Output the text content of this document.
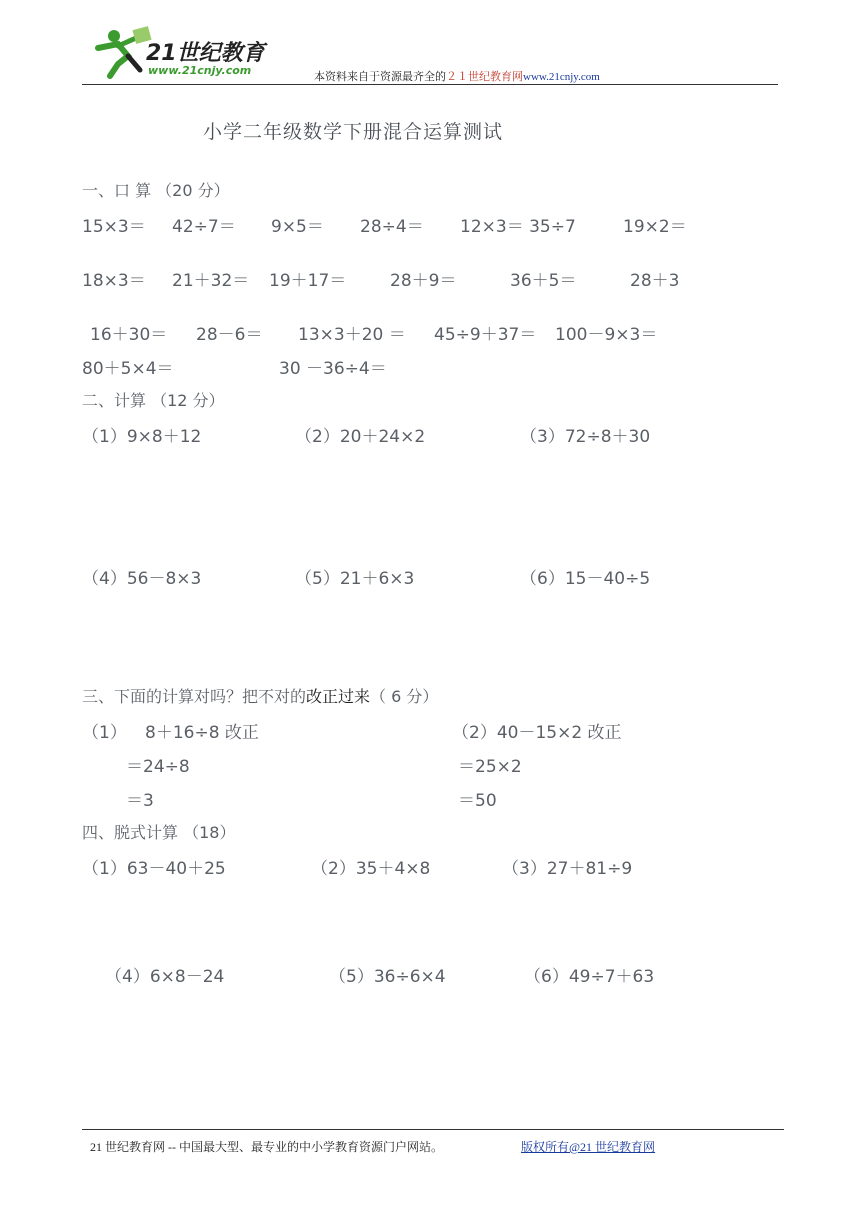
21世纪教育
www.21cnjy.com	本资料来自于资源最齐全的２１世纪教育网www.21cnjy.com
小学二年级数学下册混合运算测试
一、口 算 （20 分）
15×3＝ 42÷7＝ 9×5＝ 28÷4＝ 12×3＝ 35÷7	19×2＝
18×3＝ 21＋32＝ 19＋17＝	28＋9＝	36＋5＝	28＋3
16＋30＝ 28－6＝ 13×3＋20 ＝ 45÷9＋37＝ 100－9×3＝
80＋5×4＝	30 －36÷4＝
二、计算 （12 分）
（1）9×8＋12	（2）20＋24×2	（3）72÷8＋30
（4）56－8×3	（5）21＋6×3	（6）15－40÷5
三、下面的计算对吗？把不对的改正过来（ 6 分）
（1） 8＋16÷8 改正
＝24÷8
＝3
（2）40－15×2 改正
＝25×2
＝50
四、脱式计算 （18）
（1）63－40＋25	（2）35＋4×8	（3）27＋81÷9
（4）6×8－24	（5）36÷6×4	（6）49÷7＋63
21 世纪教育网 -- 中国最大型、最专业的中小学教育资源门户网站。	版权所有@21 世纪教育网
